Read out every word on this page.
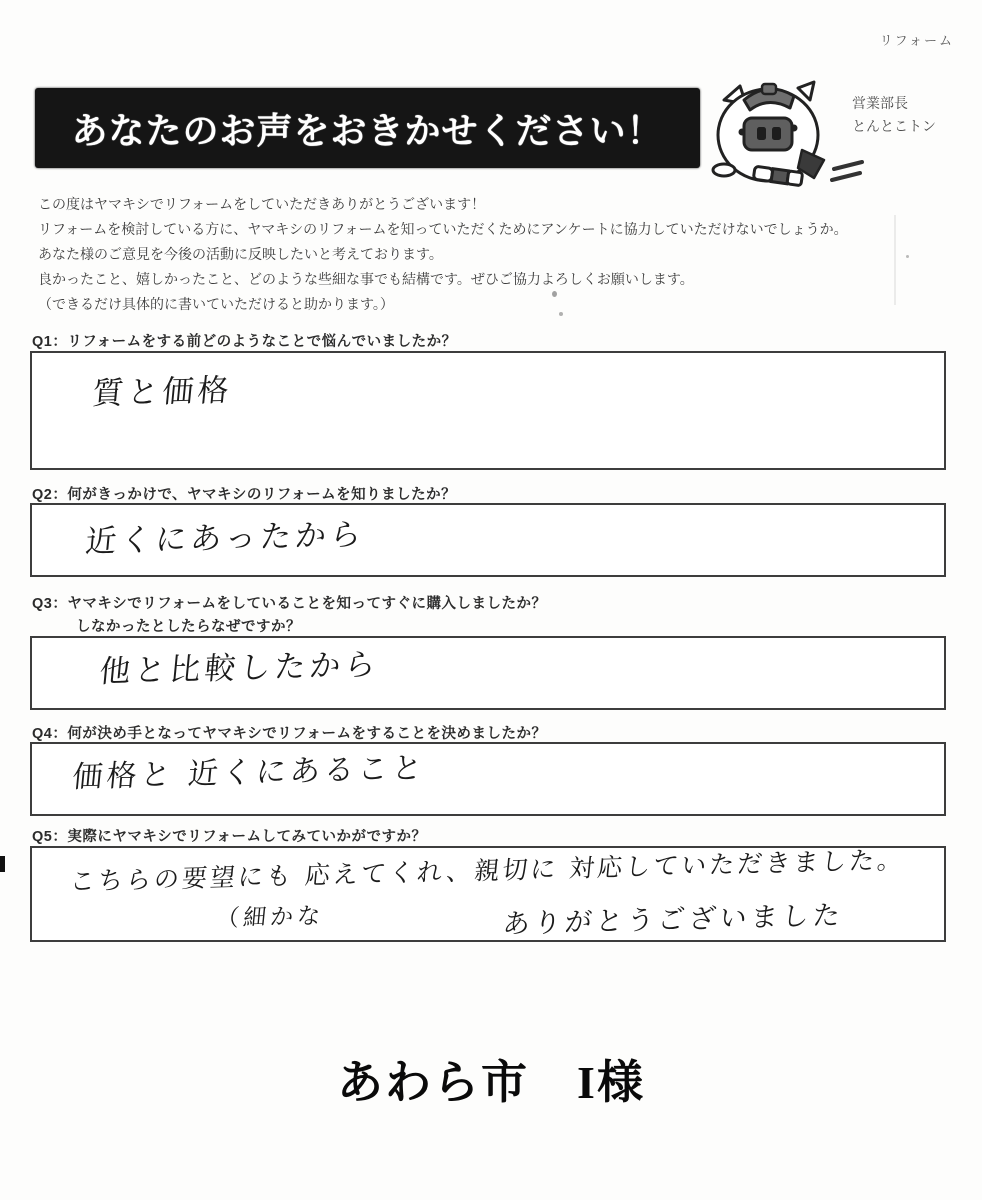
リフォーム
あなたのお声をおきかせください！
営業部長
とんとこトン
この度はヤマキシでリフォームをしていただきありがとうございます！
リフォームを検討している方に、ヤマキシのリフォームを知っていただくためにアンケートに協力していただけないでしょうか。
あなた様のご意見を今後の活動に反映したいと考えております。
良かったこと、嬉しかったこと、どのような些細な事でも結構です。ぜひご協力よろしくお願いします。
（できるだけ具体的に書いていただけると助かります。）
Q1：リフォームをする前どのようなことで悩んでいましたか？
質と価格
Q2：何がきっかけで、ヤマキシのリフォームを知りましたか？
近くにあったから
Q3：ヤマキシでリフォームをしていることを知ってすぐに購入しましたか？
しなかったとしたらなぜですか？
他と比較したから
Q4：何が決め手となってヤマキシでリフォームをすることを決めましたか？
価格と 近くにあること
Q5：実際にヤマキシでリフォームしてみていかがですか？
こちらの要望にも 応えてくれ、親切に 対応していただきました。
（細かな	ありがとうございました
あわら市　 I様
